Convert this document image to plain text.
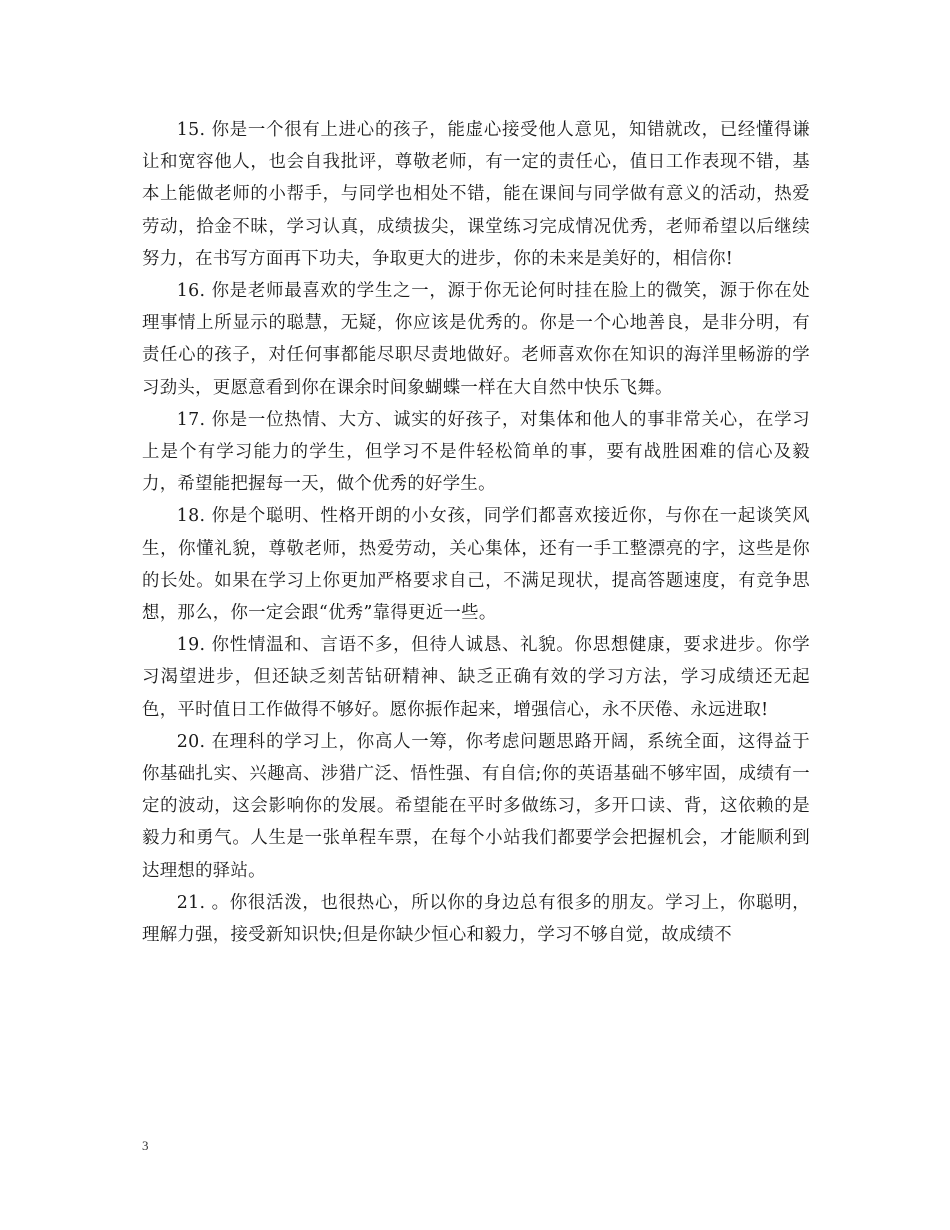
15. 你是一个很有上进心的孩子，能虚心接受他人意见，知错就改，已经懂得谦让和宽容他人，也会自我批评，尊敬老师，有一定的责任心，值日工作表现不错，基本上能做老师的小帮手，与同学也相处不错，能在课间与同学做有意义的活动，热爱劳动，拾金不昧，学习认真，成绩拔尖，课堂练习完成情况优秀，老师希望以后继续努力，在书写方面再下功夫，争取更大的进步，你的未来是美好的，相信你!

16. 你是老师最喜欢的学生之一，源于你无论何时挂在脸上的微笑，源于你在处理事情上所显示的聪慧，无疑，你应该是优秀的。你是一个心地善良，是非分明，有责任心的孩子，对任何事都能尽职尽责地做好。老师喜欢你在知识的海洋里畅游的学习劲头，更愿意看到你在课余时间象蝴蝶一样在大自然中快乐飞舞。

17. 你是一位热情、大方、诚实的好孩子，对集体和他人的事非常关心，在学习上是个有学习能力的学生，但学习不是件轻松简单的事，要有战胜困难的信心及毅力，希望能把握每一天，做个优秀的好学生。

18. 你是个聪明、性格开朗的小女孩，同学们都喜欢接近你，与你在一起谈笑风生，你懂礼貌，尊敬老师，热爱劳动，关心集体，还有一手工整漂亮的字，这些是你的长处。如果在学习上你更加严格要求自己，不满足现状，提高答题速度，有竞争思想，那么，你一定会跟“优秀”靠得更近一些。

19. 你性情温和、言语不多，但待人诚恳、礼貌。你思想健康，要求进步。你学习渴望进步，但还缺乏刻苦钻研精神、缺乏正确有效的学习方法，学习成绩还无起色，平时值日工作做得不够好。愿你振作起来，增强信心，永不厌倦、永远进取!

20. 在理科的学习上，你高人一筹，你考虑问题思路开阔，系统全面，这得益于你基础扎实、兴趣高、涉猎广泛、悟性强、有自信;你的英语基础不够牢固，成绩有一定的波动，这会影响你的发展。希望能在平时多做练习，多开口读、背，这依赖的是毅力和勇气。人生是一张单程车票，在每个小站我们都要学会把握机会，才能顺利到达理想的驿站。

21. 。你很活泼，也很热心，所以你的身边总有很多的朋友。学习上，你聪明，理解力强，接受新知识快;但是你缺少恒心和毅力，学习不够自觉，故成绩不

3
